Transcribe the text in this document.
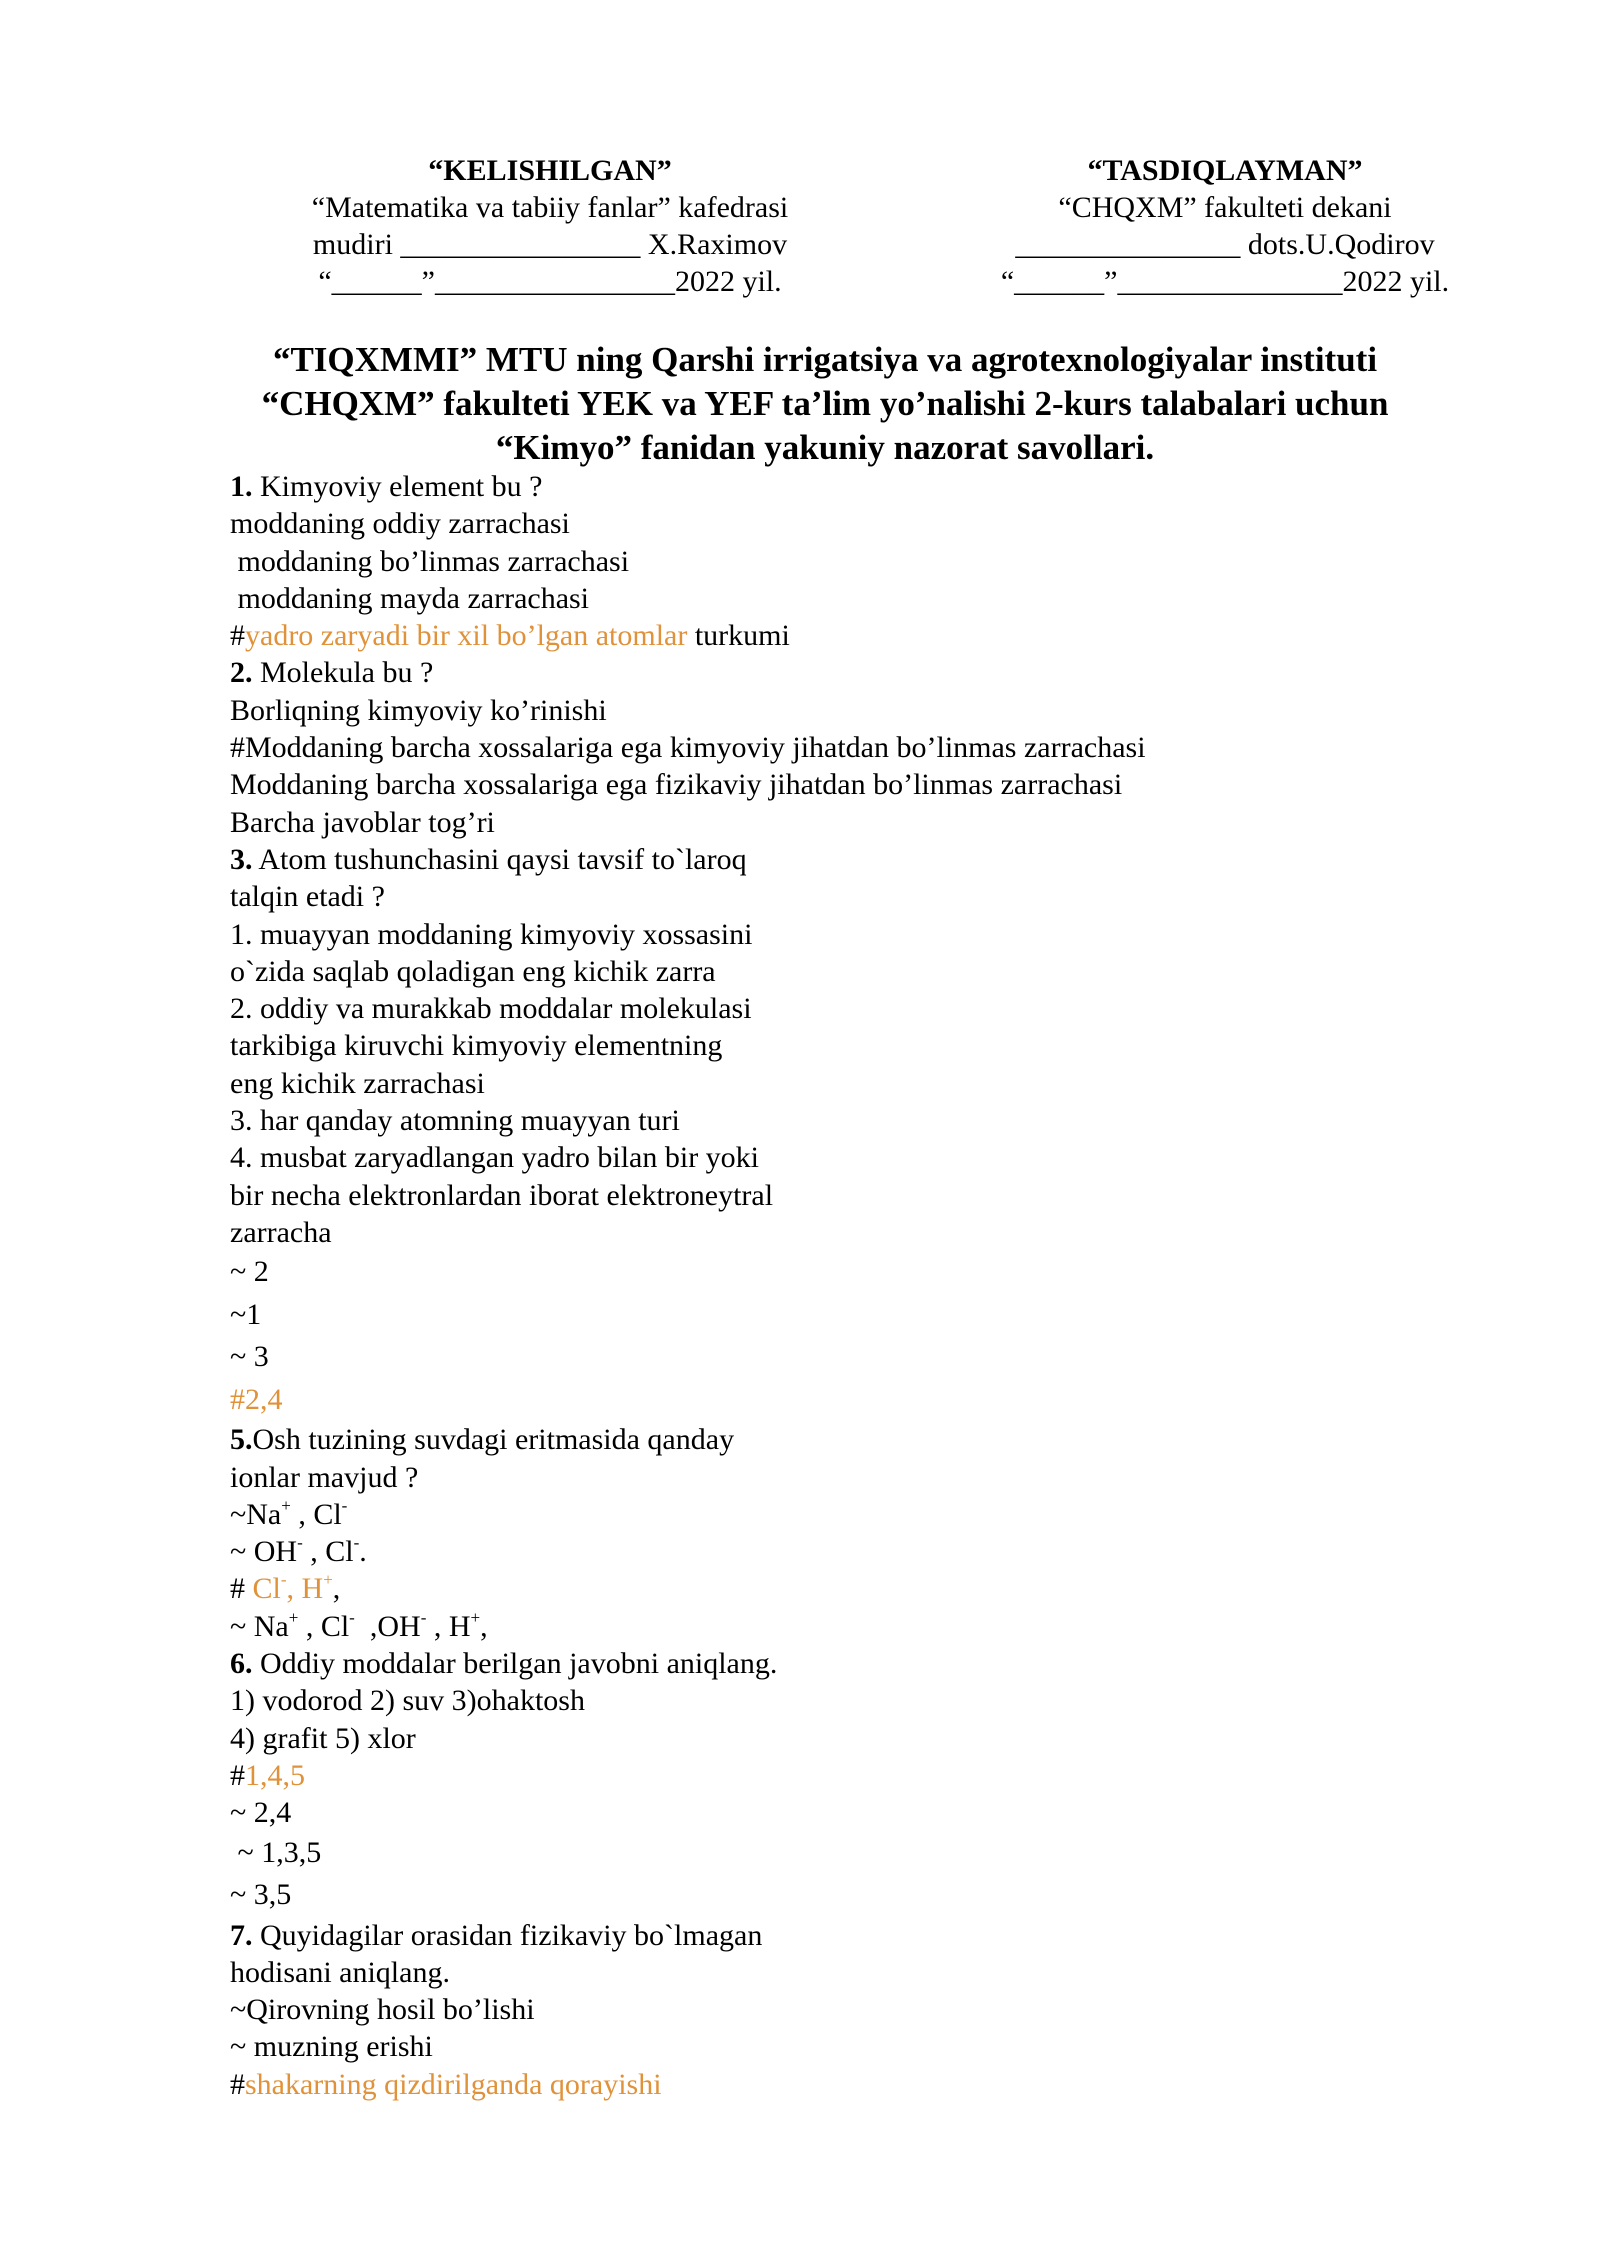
“KELISHILGAN”
“Matematika va tabiiy fanlar” kafedrasi
mudiri ________________ X.Raximov
“______”________________2022 yil.
“TASDIQLAYMAN”
“CHQXM” fakulteti dekani
_______________ dots.U.Qodirov
“______”_______________2022 yil.
“TIQXMMI” MTU ning Qarshi irrigatsiya va agrotexnologiyalar instituti
“CHQXM” fakulteti YEK va YEF ta’lim yo’nalishi 2-kurs talabalari uchun
“Kimyo” fanidan yakuniy nazorat savollari.
1. Kimyoviy element bu ?
moddaning oddiy zarrachasi
moddaning bo’linmas zarrachasi
moddaning mayda zarrachasi
#yadro zaryadi bir xil bo’lgan atomlar turkumi
2. Molekula bu ?
Borliqning kimyoviy ko’rinishi
#Moddaning barcha xossalariga ega kimyoviy jihatdan bo’linmas zarrachasi
Moddaning barcha xossalariga ega fizikaviy jihatdan bo’linmas zarrachasi
Barcha javoblar tog’ri
3. Atom tushunchasini qaysi tavsif to`laroq
talqin etadi ?
1. muayyan moddaning kimyoviy xossasini
o`zida saqlab qoladigan eng kichik zarra
2. oddiy va murakkab moddalar molekulasi
tarkibiga kiruvchi kimyoviy elementning
eng kichik zarrachasi
3. har qanday atomning muayyan turi
4. musbat zaryadlangan yadro bilan bir yoki
bir necha elektronlardan iborat elektroneytral
zarracha
~ 2
~1
~ 3
#2,4
5.Osh tuzining suvdagi eritmasida qanday
ionlar mavjud ?
~Na+ , Cl-
~ OH- , Cl-.
# Cl-, H+,
~ Na+ , Cl-  ,OH- , H+,
6. Oddiy moddalar berilgan javobni aniqlang.
1) vodorod 2) suv 3)ohaktosh
4) grafit 5) xlor
#1,4,5
~ 2,4
~ 1,3,5
~ 3,5
7. Quyidagilar orasidan fizikaviy bo`lmagan
hodisani aniqlang.
~Qirovning hosil bo’lishi
~ muzning erishi
#shakarning qizdirilganda qorayishi
